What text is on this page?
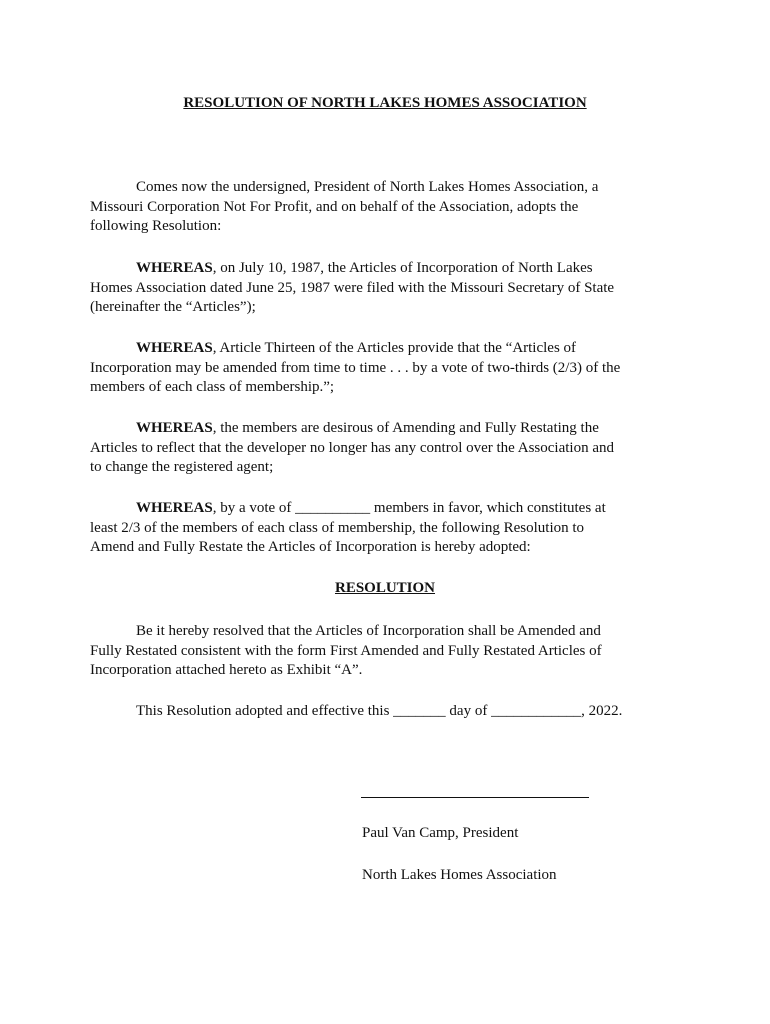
RESOLUTION OF NORTH LAKES HOMES ASSOCIATION

Comes now the undersigned, President of North Lakes Homes Association, a
Missouri Corporation Not For Profit, and on behalf of the Association, adopts the
following Resolution:

WHEREAS, on July 10, 1987, the Articles of Incorporation of North Lakes
Homes Association dated June 25, 1987 were filed with the Missouri Secretary of State
(hereinafter the “Articles”);

WHEREAS, Article Thirteen of the Articles provide that the “Articles of
Incorporation may be amended from time to time . . . by a vote of two-thirds (2/3) of the
members of each class of membership.”;

WHEREAS, the members are desirous of Amending and Fully Restating the
Articles to reflect that the developer no longer has any control over the Association and
to change the registered agent;

WHEREAS, by a vote of __________ members in favor, which constitutes at
least 2/3 of the members of each class of membership, the following Resolution to
Amend and Fully Restate the Articles of Incorporation is hereby adopted:

RESOLUTION

Be it hereby resolved that the Articles of Incorporation shall be Amended and
Fully Restated consistent with the form First Amended and Fully Restated Articles of
Incorporation attached hereto as Exhibit “A”.

This Resolution adopted and effective this _______ day of ____________, 2022.

Paul Van Camp, President
North Lakes Homes Association
